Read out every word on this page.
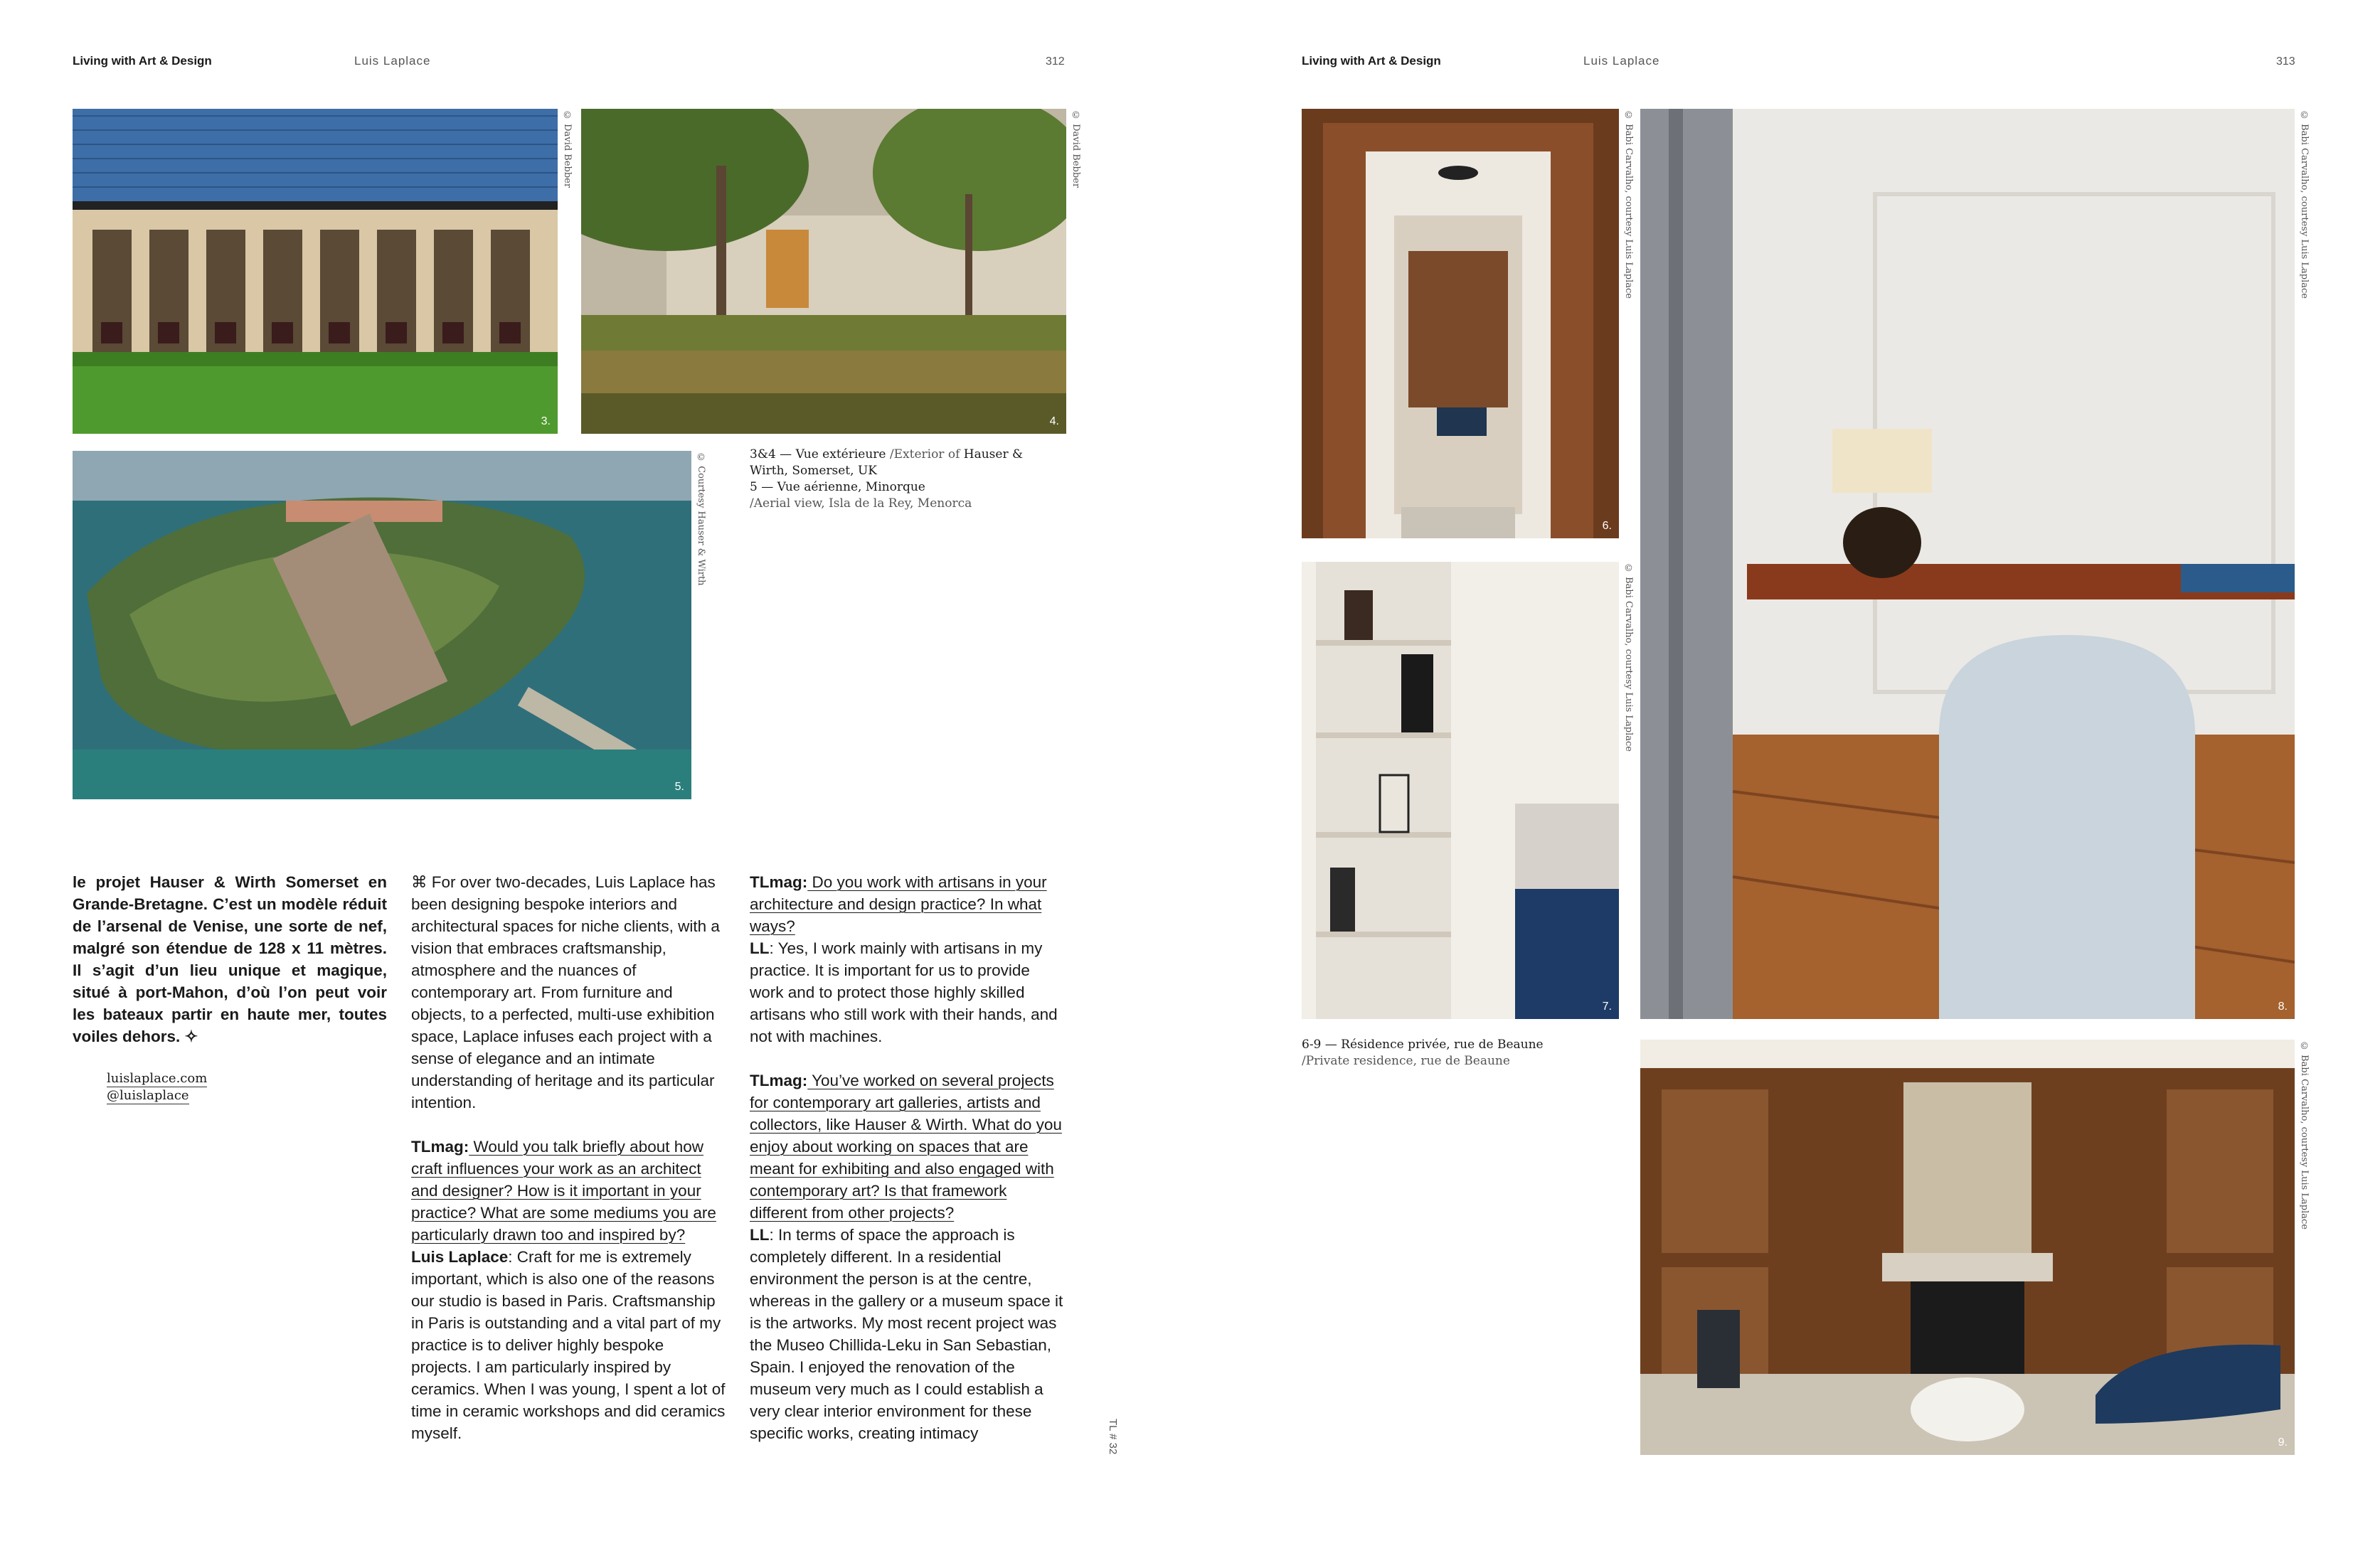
Living with Art & Design	Luis Laplace	312	Living with Art & Design	Luis Laplace	313
3.
© David Bebber
4.
© David Bebber
5.
© Courtesy Hauser & Wirth	3&4 — Vue extérieure /Exterior of Hauser &
Wirth, Somerset, UK
5 — Vue aérienne, Minorque
/Aerial view, Isla de la Rey, Menorca

le projet Hauser & Wirth Somerset en Grande-Bretagne. C’est un modèle réduit de l’arsenal de Venise, une sorte de nef, malgré son étendue de 128 x 11 mètres. Il s’agit d’un lieu unique et magique, situé à port-Mahon, d’où l’on peut voir les bateaux partir en haute mer, toutes voiles dehors. ✧

luislaplace.com
@luislaplace

⌘ For over two-decades, Luis Laplace has been designing bespoke interiors and architectural spaces for niche clients, with a vision that embraces craftsmanship, atmosphere and the nuances of contemporary art. From furniture and objects, to a perfected, multi-use exhibition space, Laplace infuses each project with a sense of elegance and an intimate understanding of heritage and its particular intention.

TLmag: Would you talk briefly about how craft influences your work as an architect and designer? How is it important in your practice? What are some mediums you are particularly drawn too and inspired by?

Luis Laplace: Craft for me is extremely important, which is also one of the reasons our studio is based in Paris. Craftsmanship in Paris is outstanding and a vital part of my practice is to deliver highly bespoke projects. I am particularly inspired by ceramics. When I was young, I spent a lot of time in ceramic workshops and did ceramics myself.

TLmag: Do you work with artisans in your architecture and design practice? In what ways?

LL: Yes, I work mainly with artisans in my practice. It is important for us to provide work and to protect those highly skilled artisans who still work with their hands, and not with machines.

TLmag: You’ve worked on several projects for contemporary art galleries, artists and collectors, like Hauser & Wirth. What do you enjoy about working on spaces that are meant for exhibiting and also engaged with contemporary art? Is that framework different from other projects?

LL: In terms of space the approach is completely different. In a residential environment the person is at the centre, whereas in the gallery or a museum space it is the artworks. My most recent project was the Museo Chillida-Leku in San Sebastian, Spain. I enjoyed the renovation of the museum very much as I could establish a very clear interior environment for these specific works, creating intimacy	TL # 32
6.
© Babi Carvalho, courtesy Luis Laplace
7.
© Babi Carvalho, courtesy Luis Laplace
8.
© Babi Carvalho, courtesy Luis Laplace
6-9 — Résidence privée, rue de Beaune
/Private residence, rue de Beaune
9.
© Babi Carvalho, courtesy Luis Laplace
